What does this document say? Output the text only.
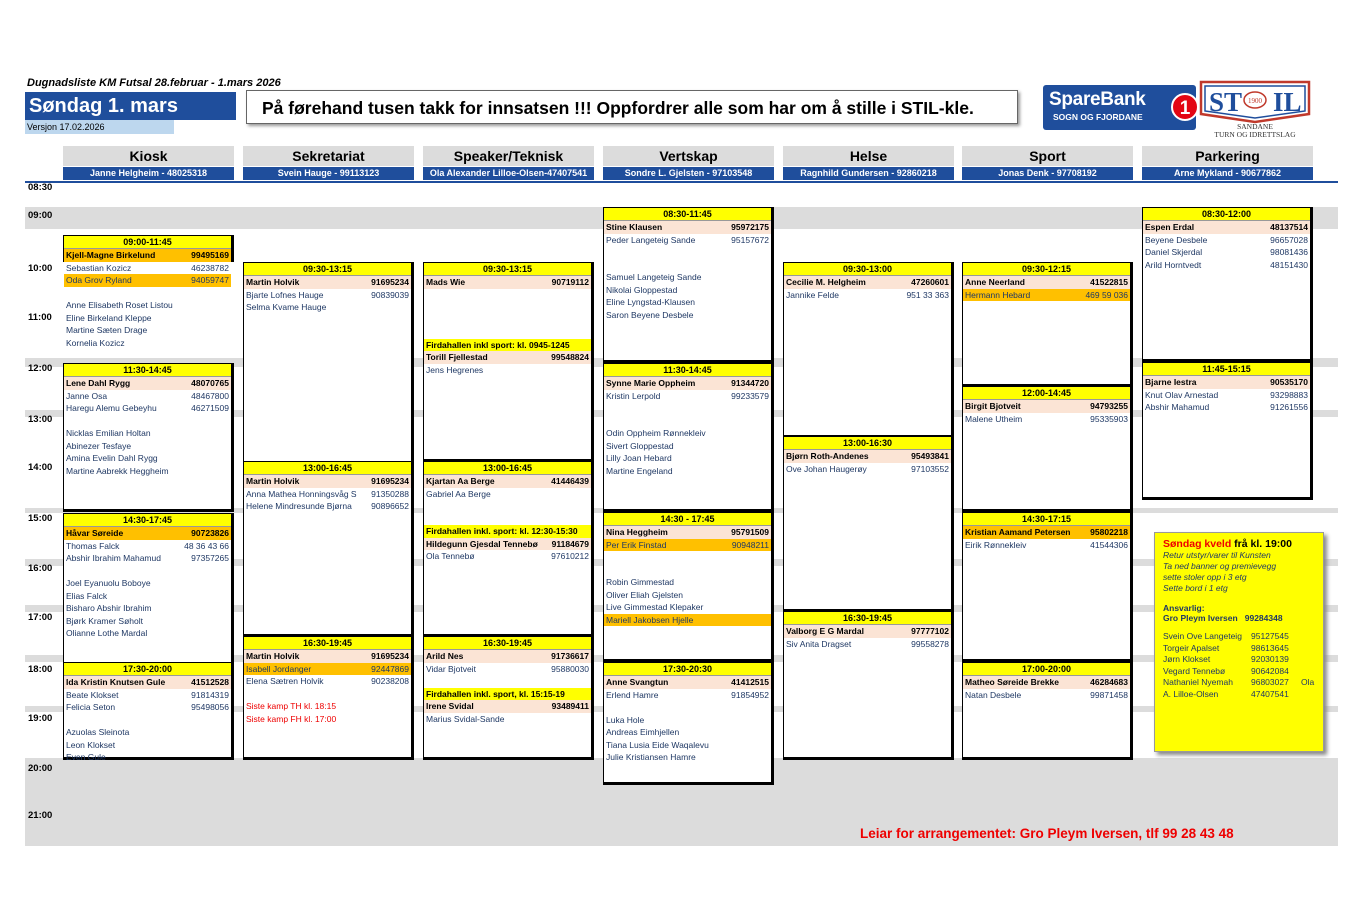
Dugnadsliste KM Futsal 28.februar - 1.mars 2026
Søndag 1. mars
Versjon 17.02.2026
På førehand tusen takk for innsatsen !!! Oppfordrer alle som har om å stille i STIL-kle.	SpareBank
SOGN OG FJORDANE	1 ST IL
1900
SANDANE
TURN OG IDRETTSLAG
Kiosk
Janne Helgheim - 48025318
Sekretariat
Svein Hauge - 99113123
Speaker/Teknisk
Ola Alexander Lilloe-Olsen-47407541
Vertskap
Sondre L. Gjelsten - 97103548
Helse
Ragnhild Gundersen - 92860218
Sport
Jonas Denk - 97708192
Parkering
Arne Mykland - 90677862
08:30
09:00
10:00
11:00
12:00
13:00
14:00
15:00
16:00
17:00
18:00
19:00
20:00
21:00
09:00-11:45
Kjell-Magne Birkelund	99495169
Sebastian Kozicz	46238782
Oda Grov Ryland	94059747
Anne Elisabeth Roset Listou
Eline Birkeland Kleppe
Martine Sæten Drage
Kornelia Kozicz
11:30-14:45
Lene Dahl Rygg	48070765
Janne Osa	48467800
Haregu Alemu Gebeyhu	46271509
Nicklas Emilian Holtan
Abinezer Tesfaye
Amina Evelin Dahl Rygg
Martine Aabrekk Heggheim
14:30-17:45
Håvar Søreide	90723826
Thomas Falck	48 36 43 66
Abshir Ibrahim Mahamud	97357265
Joel Eyanuolu Boboye
Elias Falck
Bisharo Abshir Ibrahim
Bjørk Kramer Søholt
Olianne Lothe Mardal
17:30-20:00
Ida Kristin Knutsen Gule	41512528
Beate Klokset	91814319
Felicia Seton	95498056
Azuolas Sleinota
Leon Klokset
Even Gule
09:30-13:15
Martin Holvik	91695234
Bjarte Lofnes Hauge	90839039
Selma Kvame Hauge
13:00-16:45
Martin Holvik	91695234
Anna Mathea Honningsvåg S 91350288
Helene Mindresunde Bjørna 90896652
16:30-19:45
Martin Holvik	91695234
Isabell Jordanger	92447869
Elena Sætren Holvik	90238208
Siste kamp TH kl. 18:15
Siste kamp FH kl. 17:00
09:30-13:15
Mads Wie	90719112
Firdahallen inkl sport: kl. 0945-1245
Torill Fjellestad	99548824
Jens Hegrenes
13:00-16:45
Kjartan Aa Berge	41446439
Gabriel Aa Berge
Firdahallen inkl. sport: kl. 12:30-15:30
Hildegunn Gjesdal Tennebø 91184679
Ola Tennebø	97610212
16:30-19:45
Arild Nes	91736617
Vidar Bjotveit	95880030
Firdahallen inkl. sport, kl. 15:15-19
Irene Svidal	93489411
Marius Svidal-Sande
08:30-11:45
Stine Klausen	95972175
Peder Langeteig Sande	95157672
Samuel Langeteig Sande
Nikolai Gloppestad
Eline Lyngstad-Klausen
Saron Beyene Desbele
11:30-14:45
Synne Marie Oppheim	91344720
Kristin Lerpold	99233579
Odin Oppheim Rønnekleiv
Sivert Gloppestad
Lilly Joan Hebard
Martine Engeland
14:30 - 17:45
Nina Heggheim	95791509
Per Erik Finstad	90948211
Robin Gimmestad
Oliver Eliah Gjelsten
Live Gimmestad Klepaker
Mariell Jakobsen Hjelle
17:30-20:30
Anne Svangtun	41412515
Erlend Hamre	91854952
Luka Hole
Andreas Eimhjellen
Tiana Lusia Eide Waqalevu
Julie Kristiansen Hamre
09:30-13:00
Cecilie M. Helgheim	47260601
Jannike Felde	951 33 363
13:00-16:30
Bjørn Roth-Andenes	95493841
Ove Johan Haugerøy	97103552
16:30-19:45
Valborg E G Mardal	97777102
Siv Anita Dragset	99558278
09:30-12:15
Anne Neerland	41522815
Hermann Hebard	469 59 036
12:00-14:45
Birgit Bjotveit	94793255
Malene Utheim	95335903
14:30-17:15
Kristian Aamand Petersen 95802218
Eirik Rønnekleiv	41544306
17:00-20:00
Matheo Søreide Brekke	46284683
Natan Desbele	99871458
08:30-12:00
Espen Erdal	48137514
Beyene Desbele	96657028
Daniel Skjerdal	98081436
Arild Horntvedt	48151430
11:45-15:15
Bjarne Iestra	90535170
Knut Olav Arnestad	93298883
Abshir Mahamud	91261556
Søndag kveld frå kl. 19:00
Retur utstyr/varer til Kunsten
Ta ned banner og premievegg
sette stoler opp i 3 etg
Sette bord i 1 etg
Ansvarlig:
Gro Pleym Iversen 99284348
Svein Ove Langeteig 95127545
Torgeir Apalset	98613645
Jørn Klokset	92030139
Vegard Tennebø	90642084
Nathaniel Nyemah 96803027 Ola
A. Lilloe-Olsen	47407541
Leiar for arrangementet: Gro Pleym Iversen, tlf 99 28 43 48
